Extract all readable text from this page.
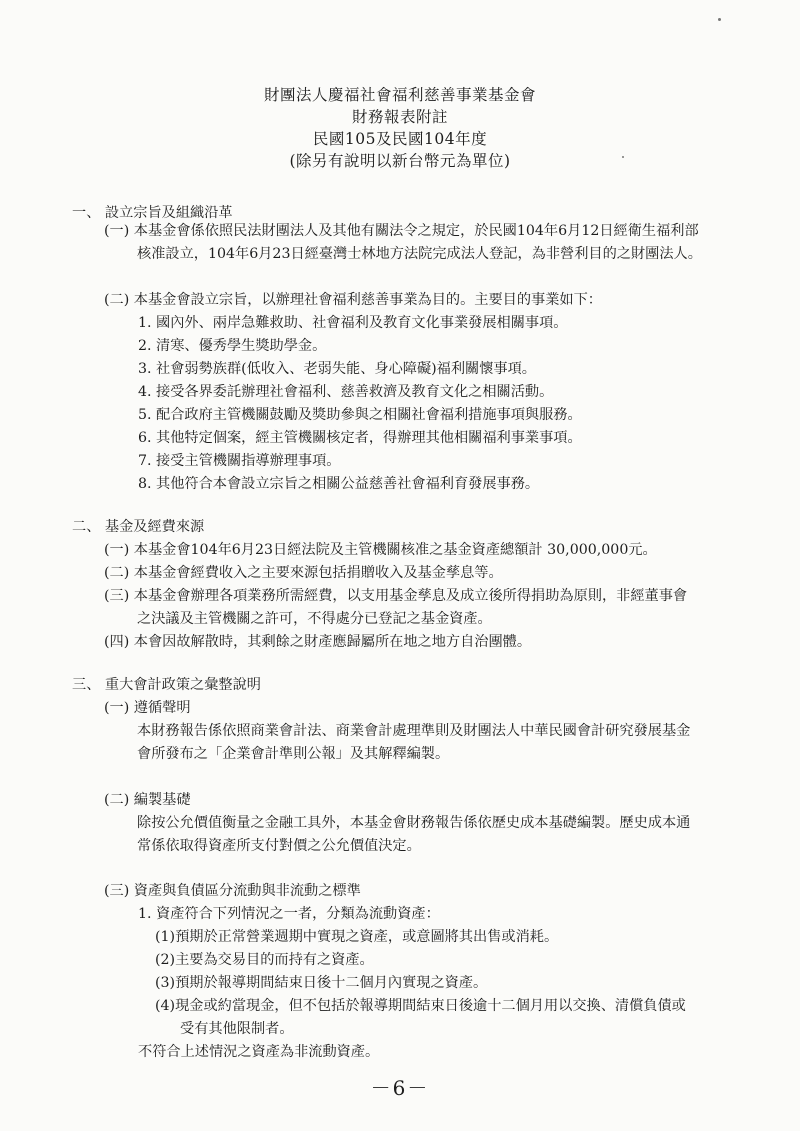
財團法人慶福社會福利慈善事業基金會
財務報表附註
民國105及民國104年度
(除另有說明以新台幣元為單位)
一、 設立宗旨及組織沿革
(一) 本基金會係依照民法財團法人及其他有關法令之規定，於民國104年6月12日經衛生福利部
核准設立，104年6月23日經臺灣士林地方法院完成法人登記，為非營利目的之財團法人。
(二) 本基金會設立宗旨，以辦理社會福利慈善事業為目的。主要目的事業如下：
1. 國內外、兩岸急難救助、社會福利及教育文化事業發展相關事項。
2. 清寒、優秀學生獎助學金。
3. 社會弱勢族群(低收入、老弱失能、身心障礙)福利關懷事項。
4. 接受各界委託辦理社會福利、慈善救濟及教育文化之相關活動。
5. 配合政府主管機關鼓勵及獎助參與之相關社會福利措施事項與服務。
6. 其他特定個案，經主管機關核定者，得辦理其他相關福利事業事項。
7. 接受主管機關指導辦理事項。
8. 其他符合本會設立宗旨之相關公益慈善社會福利育發展事務。
二、 基金及經費來源
(一) 本基金會104年6月23日經法院及主管機關核准之基金資產總額計 30,000,000元。
(二) 本基金會經費收入之主要來源包括捐贈收入及基金孳息等。
(三) 本基金會辦理各項業務所需經費，以支用基金孳息及成立後所得捐助為原則，非經董事會
之決議及主管機關之許可，不得處分已登記之基金資產。
(四) 本會因故解散時，其剩餘之財產應歸屬所在地之地方自治團體。
三、 重大會計政策之彙整說明
(一) 遵循聲明
本財務報告係依照商業會計法、商業會計處理準則及財團法人中華民國會計研究發展基金
會所發布之「企業會計準則公報」及其解釋編製。
(二) 編製基礎
除按公允價值衡量之金融工具外，本基金會財務報告係依歷史成本基礎編製。歷史成本通
常係依取得資產所支付對價之公允價值決定。
(三) 資產與負債區分流動與非流動之標準
1. 資產符合下列情況之一者，分類為流動資產：
(1)預期於正常營業週期中實現之資產，或意圖將其出售或消耗。
(2)主要為交易目的而持有之資產。
(3)預期於報導期間結束日後十二個月內實現之資產。
(4)現金或約當現金，但不包括於報導期間結束日後逾十二個月用以交換、清償負債或
受有其他限制者。
不符合上述情況之資產為非流動資產。
－6－
